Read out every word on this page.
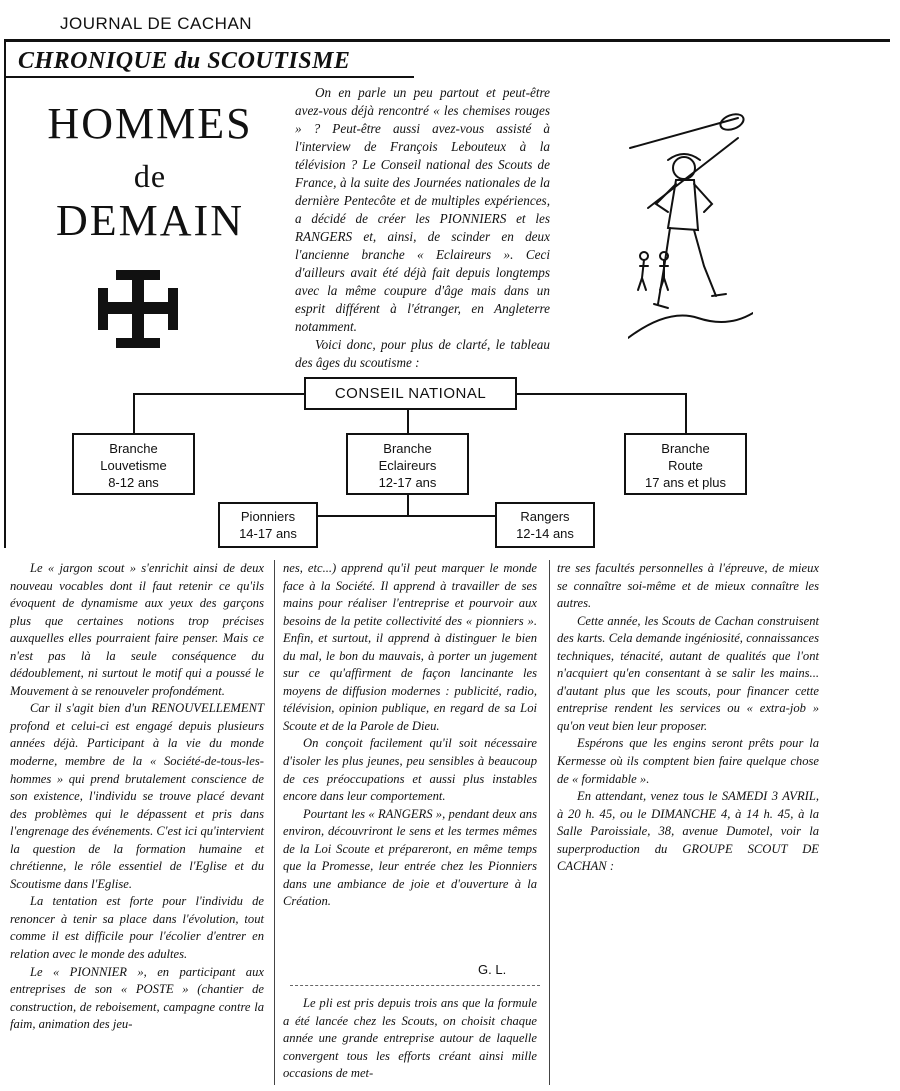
JOURNAL DE CACHAN
CHRONIQUE du SCOUTISME
HOMMES
de
DEMAIN

On en parle un peu partout et peut-être avez-vous déjà rencontré « les chemises rouges » ? Peut-être aussi avez-vous assisté à l'interview de François Lebouteux à la télévision ? Le Conseil national des Scouts de France, à la suite des Journées nationales de la dernière Pentecôte et de multiples expériences, a décidé de créer les PIONNIERS et les RANGERS et, ainsi, de scinder en deux l'ancienne branche « Eclaireurs ». Ceci d'ailleurs avait été déjà fait depuis longtemps avec la même coupure d'âge mais dans un esprit différent à l'étranger, en Angleterre notamment.

Voici donc, pour plus de clarté, le tableau des âges du scoutisme :

CONSEIL NATIONAL
Branche
Louvetisme
8-12 ans
Branche
Eclaireurs
12-17 ans
Branche
Route
17 ans et plus
Pionniers
14-17 ans
Rangers
12-14 ans

Le « jargon scout » s'enrichit ainsi de deux nouveau vocables dont il faut retenir ce qu'ils évoquent de dynamisme aux yeux des garçons plus que certaines notions trop précises auxquelles elles pourraient faire penser. Mais ce n'est pas là la seule conséquence du dédoublement, ni surtout le motif qui a poussé le Mouvement à se renouveler profondément.

Car il s'agit bien d'un RENOUVELLEMENT profond et celui-ci est engagé depuis plusieurs années déjà. Participant à la vie du monde moderne, membre de la « Société-de-tous-les-hommes » qui prend brutalement conscience de son existence, l'individu se trouve placé devant des problèmes qui le dépassent et pris dans l'engrenage des événements. C'est ici qu'intervient la question de la formation humaine et chrétienne, le rôle essentiel de l'Eglise et du Scoutisme dans l'Eglise.

La tentation est forte pour l'individu de renoncer à tenir sa place dans l'évolution, tout comme il est difficile pour l'écolier d'entrer en relation avec le monde des adultes.

Le « PIONNIER », en participant aux entreprises de son « POSTE » (chantier de construction, de reboisement, campagne contre la faim, animation des jeu-

nes, etc...) apprend qu'il peut marquer le monde face à la Société. Il apprend à travailler de ses mains pour réaliser l'entreprise et pourvoir aux besoins de la petite collectivité des « pionniers ». Enfin, et surtout, il apprend à distinguer le bien du mal, le bon du mauvais, à porter un jugement sur ce qu'affirment de façon lancinante les moyens de diffusion modernes : publicité, radio, télévision, opinion publique, en regard de sa Loi Scoute et de la Parole de Dieu.

On conçoit facilement qu'il soit nécessaire d'isoler les plus jeunes, peu sensibles à beaucoup de ces préoccupations et aussi plus instables encore dans leur comportement.

Pourtant les « RANGERS », pendant deux ans environ, découvriront le sens et les termes mêmes de la Loi Scoute et prépareront, en même temps que la Promesse, leur entrée chez les Pionniers dans une ambiance de joie et d'ouverture à la Création.

G. L.

Le pli est pris depuis trois ans que la formule a été lancée chez les Scouts, on choisit chaque année une grande entreprise autour de laquelle convergent tous les efforts créant ainsi mille occasions de met-

tre ses facultés personnelles à l'épreuve, de mieux se connaître soi-même et de mieux connaître les autres.

Cette année, les Scouts de Cachan construisent des karts. Cela demande ingéniosité, connaissances techniques, ténacité, autant de qualités que l'ont n'acquiert qu'en consentant à se salir les mains... d'autant plus que les scouts, pour financer cette entreprise rendent les services ou « extra-job » qu'on veut bien leur proposer.

Espérons que les engins seront prêts pour la Kermesse où ils comptent bien faire quelque chose de « formidable ».

En attendant, venez tous le SAMEDI 3 AVRIL, à 20 h. 45, ou le DIMANCHE 4, à 14 h. 45, à la Salle Paroissiale, 38, avenue Dumotel, voir la superproduction du GROUPE SCOUT DE CACHAN :
